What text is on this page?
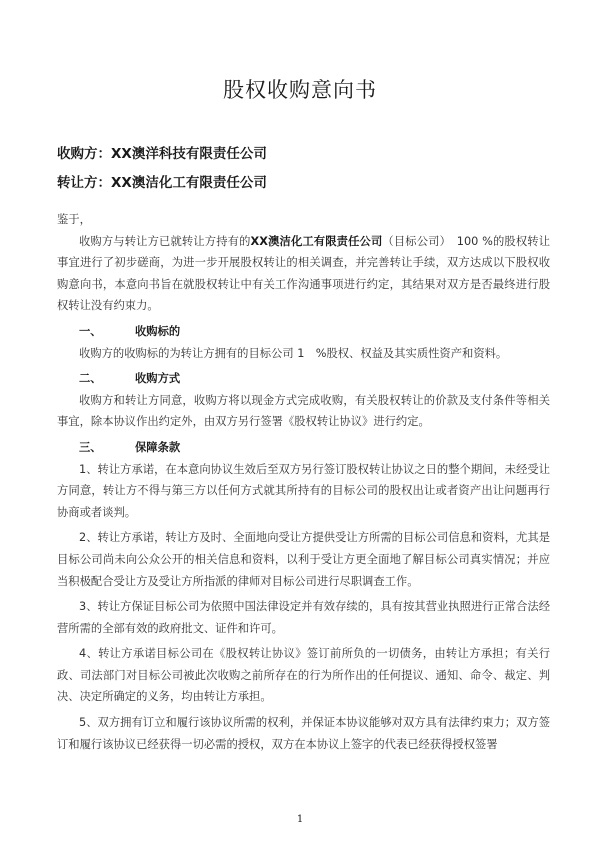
股权收购意向书
收购方：XX澳洋科技有限责任公司
转让方：XX澳洁化工有限责任公司

鉴于，

收购方与转让方已就转让方持有的XX澳洁化工有限责任公司（目标公司）　100 %的股权转让事宜进行了初步磋商，为进一步开展股权转让的相关调查，并完善转让手续，双方达成以下股权收购意向书，本意向书旨在就股权转让中有关工作沟通事项进行约定，其结果对双方是否最终进行股权转让没有约束力。

一、	收购标的

收购方的收购标的为转让方拥有的目标公司 1　%股权、权益及其实质性资产和资料。

二、	收购方式

收购方和转让方同意，收购方将以现金方式完成收购，有关股权转让的价款及支付条件等相关事宜，除本协议作出约定外，由双方另行签署《股权转让协议》进行约定。

三、	保障条款

1、转让方承诺，在本意向协议生效后至双方另行签订股权转让协议之日的整个期间，未经受让方同意，转让方不得与第三方以任何方式就其所持有的目标公司的股权出让或者资产出让问题再行协商或者谈判。

2、转让方承诺，转让方及时、全面地向受让方提供受让方所需的目标公司信息和资料，尤其是目标公司尚未向公众公开的相关信息和资料，以利于受让方更全面地了解目标公司真实情况；并应当积极配合受让方及受让方所指派的律师对目标公司进行尽职调查工作。

3、转让方保证目标公司为依照中国法律设定并有效存续的，具有按其营业执照进行正常合法经营所需的全部有效的政府批文、证件和许可。

4、转让方承诺目标公司在《股权转让协议》签订前所负的一切债务，由转让方承担；有关行政、司法部门对目标公司被此次收购之前所存在的行为所作出的任何提议、通知、命令、裁定、判决、决定所确定的义务，均由转让方承担。

5、双方拥有订立和履行该协议所需的权利，并保证本协议能够对双方具有法律约束力；双方签订和履行该协议已经获得一切必需的授权，双方在本协议上签字的代表已经获得授权签署

1
